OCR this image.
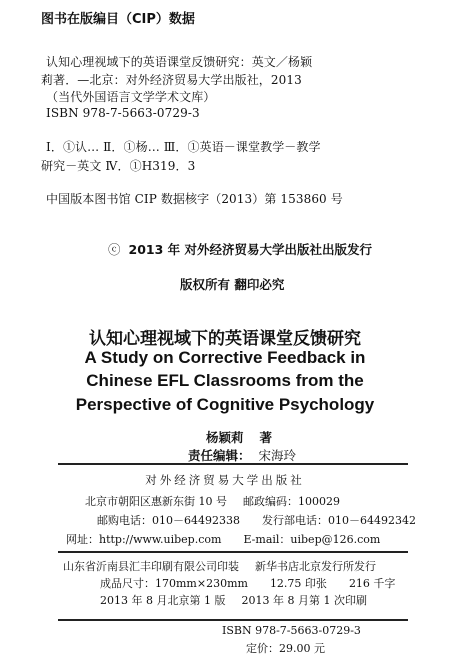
图书在版编目（CIP）数据
认知心理视域下的英语课堂反馈研究：英文／杨颖
莉著．—北京：对外经济贸易大学出版社，2013
（当代外国语言文学学术文库）
ISBN 978-7-5663-0729-3
Ⅰ．①认… Ⅱ．①杨… Ⅲ．①英语－课堂教学－教学
研究－英文 Ⅳ．①H319．3
中国版本图书馆 CIP 数据核字（2013）第 153860 号
ⓒ 2013 年 对外经济贸易大学出版社出版发行
版权所有 翻印必究
认知心理视域下的英语课堂反馈研究
A Study on Corrective Feedback in
Chinese EFL Classrooms from the
Perspective of Cognitive Psychology
杨颖莉 著
责任编辑： 宋海玲
对外经济贸易大学出版社
北京市朝阳区惠新东街 10 号 邮政编码：100029
邮购电话：010－64492338 发行部电话：010－64492342
网址：http://www.uibep.com E-mail：uibep@126.com
山东省沂南县汇丰印刷有限公司印装 新华书店北京发行所发行
成品尺寸：170mm×230mm 12.75 印张 216 千字
2013 年 8 月北京第 1 版 2013 年 8 月第 1 次印刷
ISBN 978-7-5663-0729-3
定价：29.00 元
